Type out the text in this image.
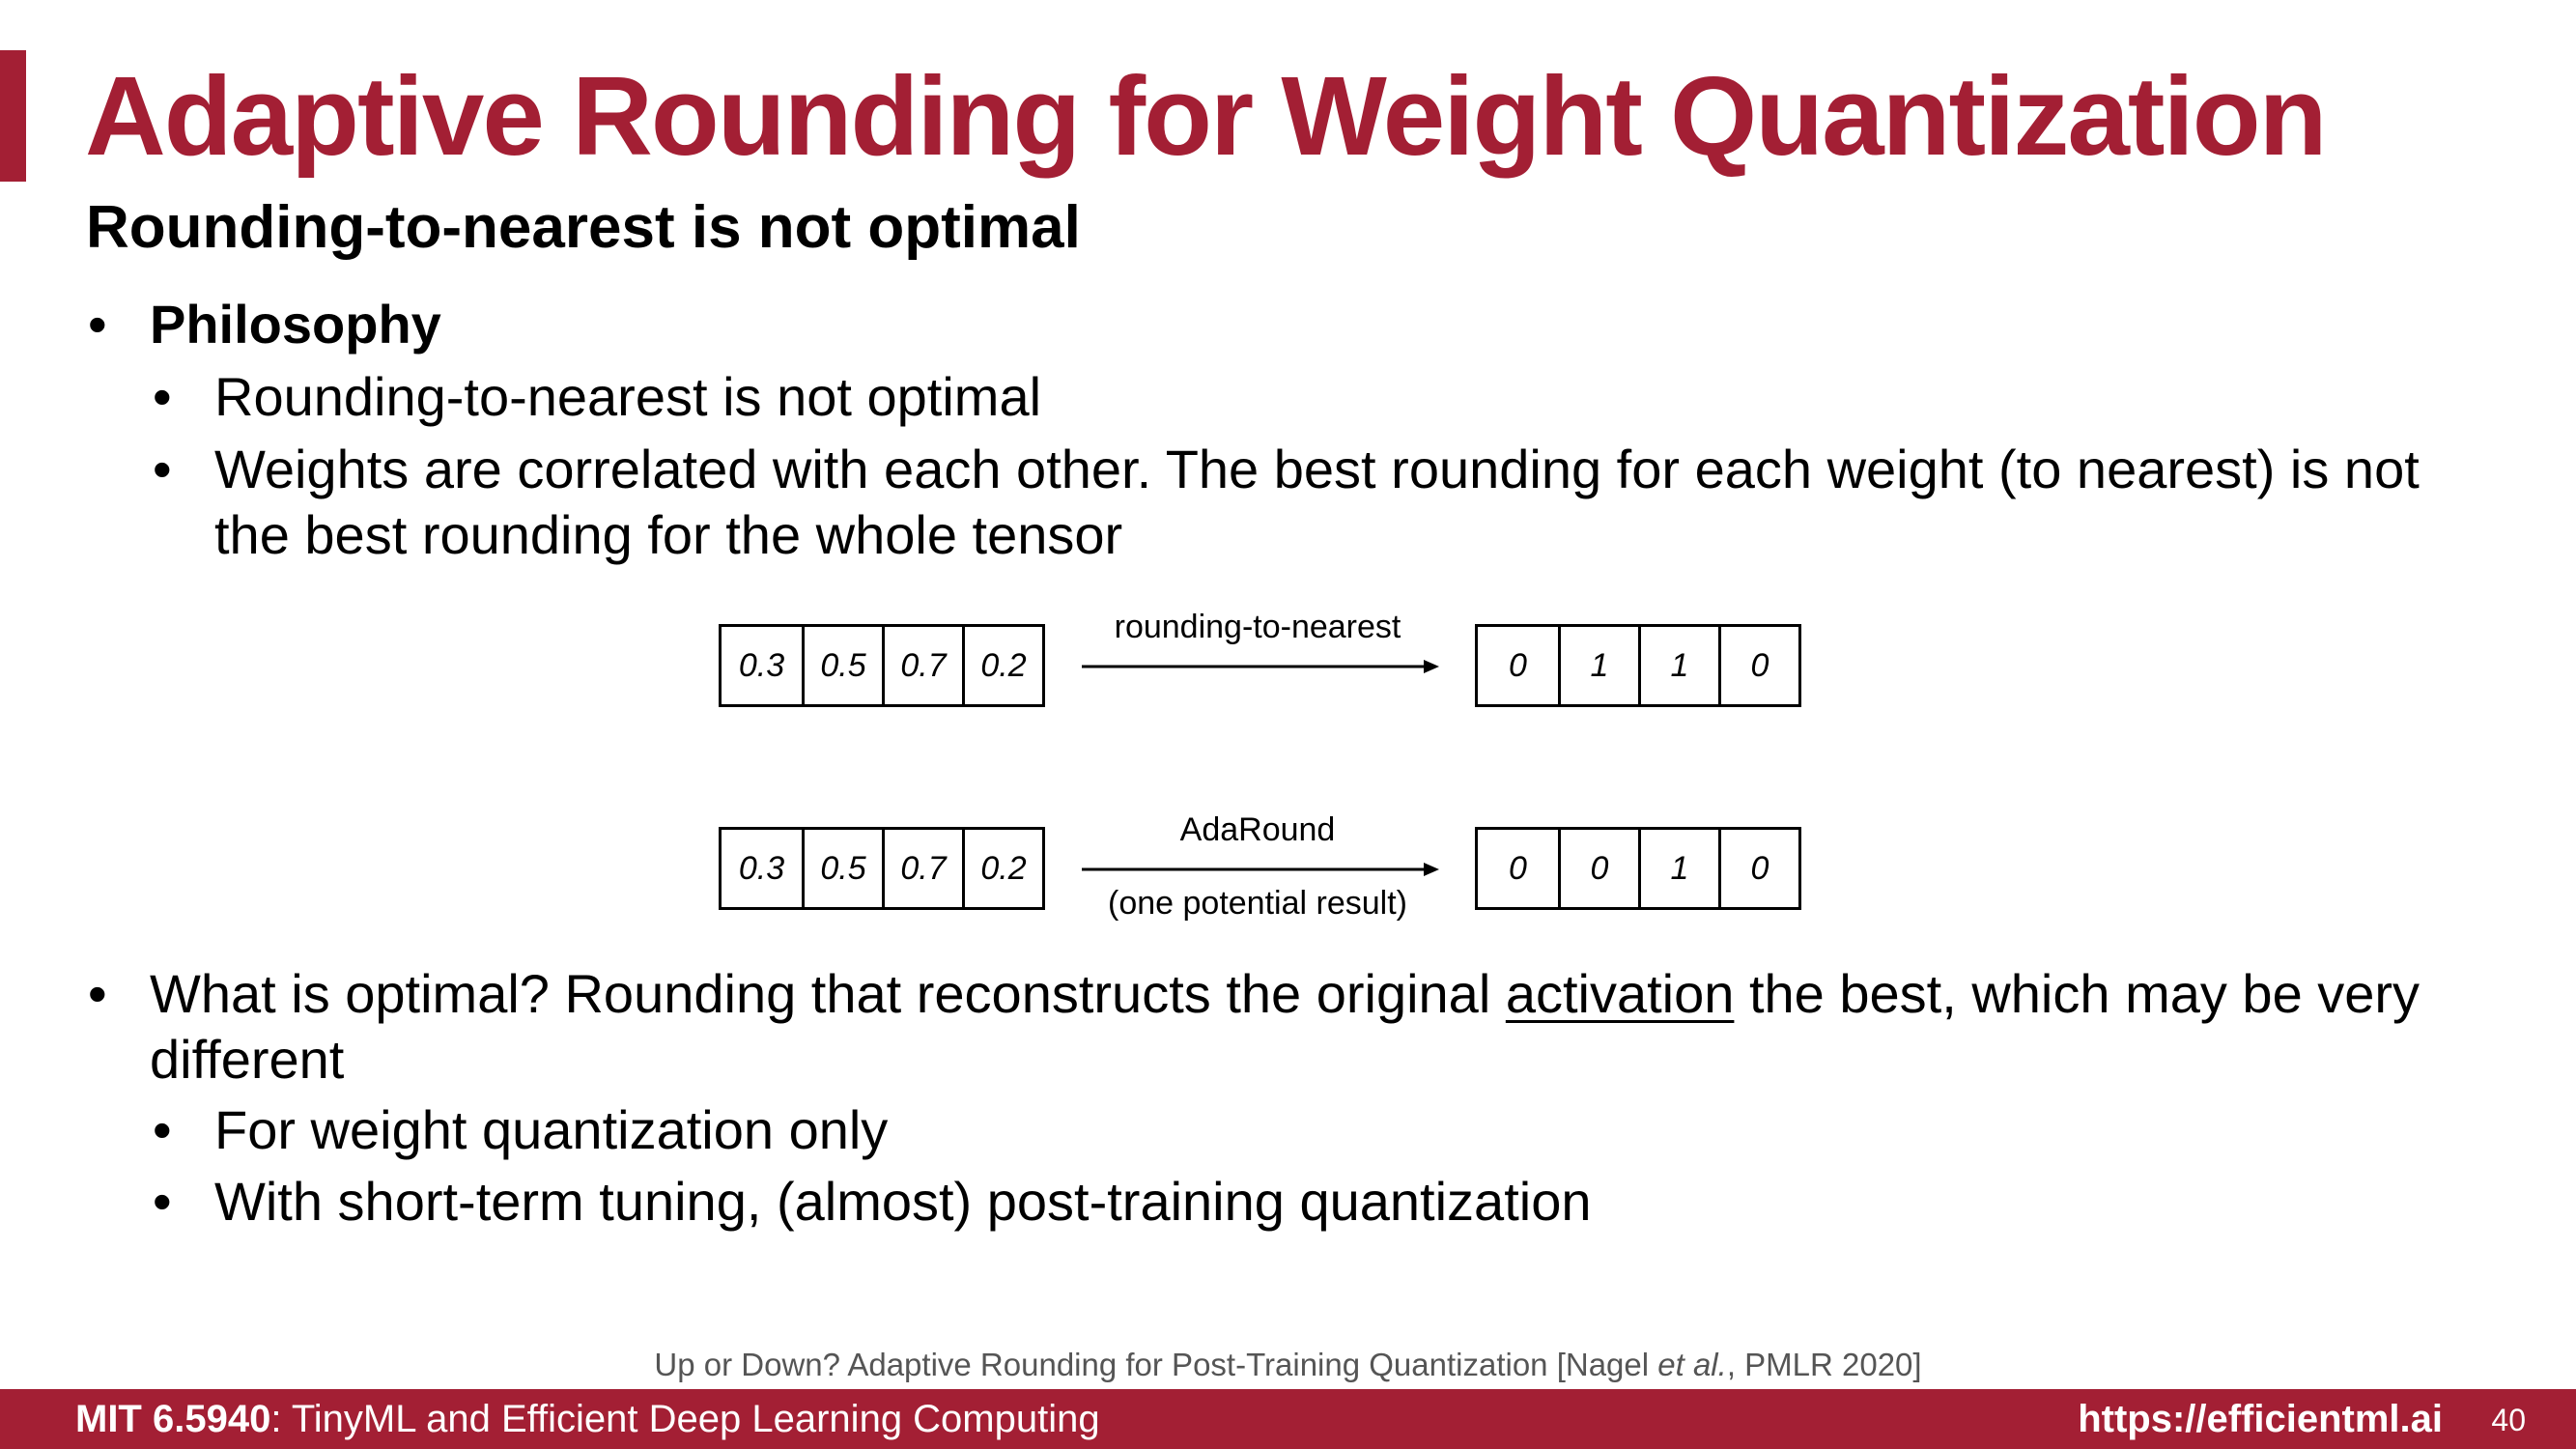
Adaptive Rounding for Weight Quantization
Rounding-to-nearest is not optimal
• Philosophy
• Rounding-to-nearest is not optimal
• Weights are correlated with each other. The best rounding for each weight (to nearest) is not
the best rounding for the whole tensor
0.3	0.5	0.7	0.2
rounding-to-nearest
0	1	1	0
0.3	0.5	0.7	0.2
AdaRound
(one potential result)
0	0	1	0
• What is optimal? Rounding that reconstructs the original activation the best, which may be very
different
• For weight quantization only
• With short-term tuning, (almost) post-training quantization
Up or Down? Adaptive Rounding for Post-Training Quantization [Nagel et al., PMLR 2020]
MIT 6.5940: TinyML and Efficient Deep Learning Computing	https://efficientml.ai 40
